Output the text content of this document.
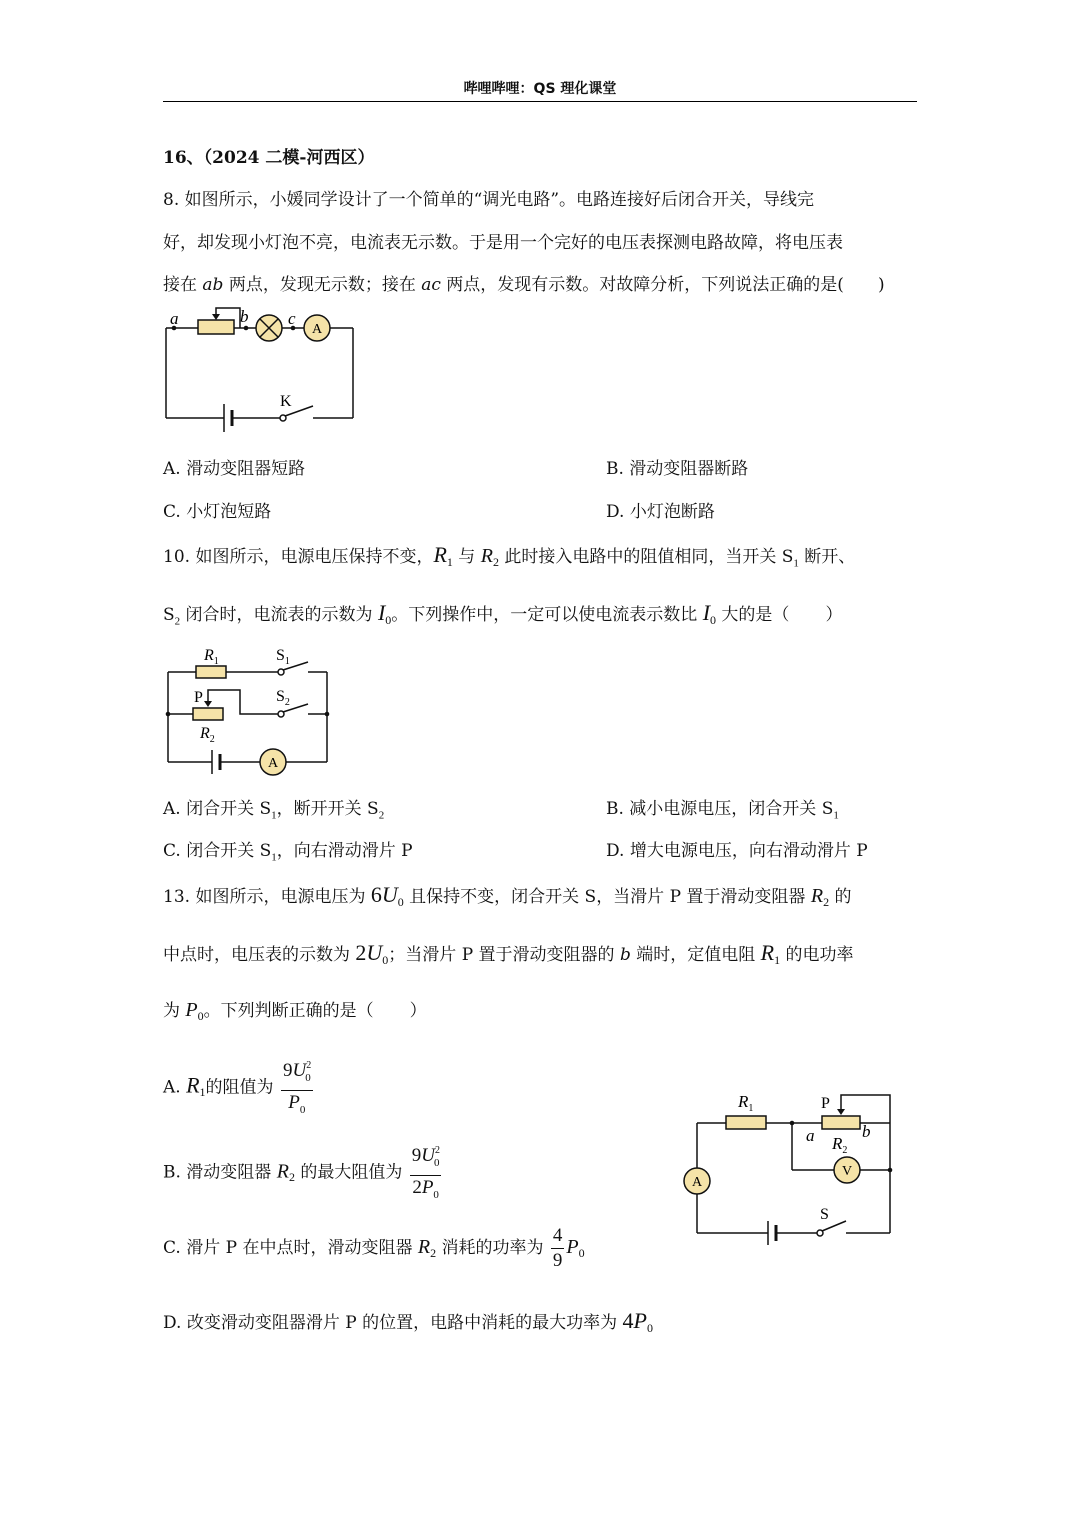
哔哩哔哩：QS 理化课堂
16、（2024 二模-河西区）
8. 如图所示，小媛同学设计了一个简单的“调光电路”。电路连接好后闭合开关，导线完
好，却发现小灯泡不亮，电流表无示数。于是用一个完好的电压表探测电路故障，将电压表
接在 ab 两点，发现无示数；接在 ac 两点，发现有示数。对故障分析，下列说法正确的是( )
a	b c
A
K
A. 滑动变阻器短路	B. 滑动变阻器断路
C. 小灯泡短路	D. 小灯泡断路
10. 如图所示，电源电压保持不变，$R_1$ 与 $R_2$ 此时接入电路中的阻值相同，当开关 $S_1$ 断开、
$S_2$ 闭合时，电流表的示数为 $I_0$。下列操作中，一定可以使电流表示数比 $I_0$ 大的是（ ）
$R_1$	$S_1$
P	$S_2$
$R_2$
A
A. 闭合开关 $S_1$，断开开关 $S_2$	B. 减小电源电压，闭合开关 $S_1$
C. 闭合开关 $S_1$，向右滑动滑片 P	D. 增大电源电压，向右滑动滑片 P
13. 如图所示，电源电压为 $6U_0$ 且保持不变，闭合开关 S，当滑片 P 置于滑动变阻器 $R_2$ 的
中点时，电压表的示数为 $2U_0$；当滑片 P 置于滑动变阻器的 b 端时，定值电阻 $R_1$ 的电功率
为 $P_0$。下列判断正确的是（ ）
A. $R_1$的阻值为 $\frac{9U^2_0}{P_0}$
B. 滑动变阻器 $R_2$ 的最大阻值为 $\frac{9U^2_0}{2P_0}$
C. 滑片 P 在中点时，滑动变阻器 $R_2$ 消耗的功率为 $\frac{4}{9} P_0$
D. 改变滑动变阻器滑片 P 的位置，电路中消耗的最大功率为 $4P_0$
$R_1$	P
a $R_2$
b
A
V
S
